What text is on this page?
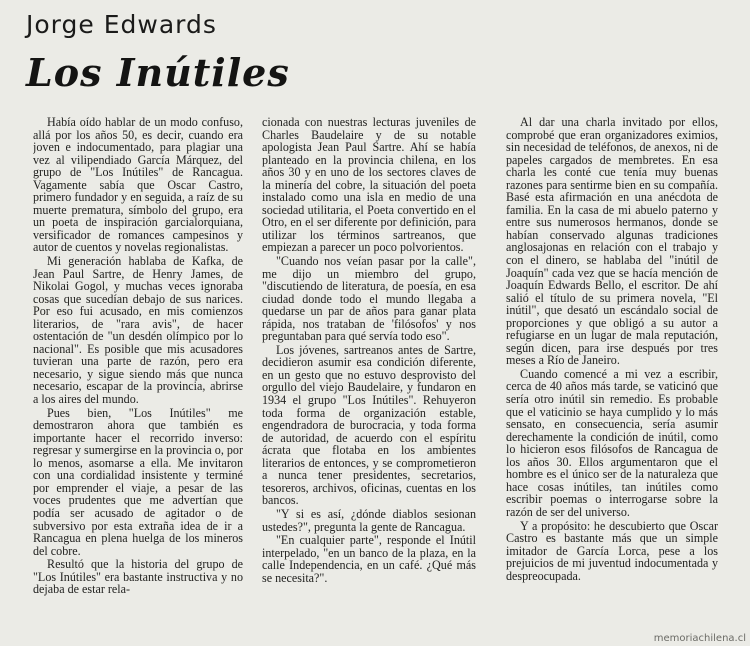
Jorge Edwards
Los Inútiles

Había oído hablar de un modo confuso, allá por los años 50, es decir, cuando era joven e indocumentado, para plagiar una vez al vilipendiado García Márquez, del grupo de "Los Inútiles" de Rancagua. Vagamente sabía que Oscar Castro, primero fundador y en seguida, a raíz de su muerte prematura, símbolo del grupo, era un poeta de inspiración garcialorquiana, versificador de romances campesinos y autor de cuentos y novelas regionalistas.

Mi generación hablaba de Kafka, de Jean Paul Sartre, de Henry James, de Nikolai Gogol, y muchas veces ignoraba cosas que sucedían debajo de sus narices. Por eso fui acusado, en mis comienzos literarios, de "rara avis", de hacer ostentación de "un desdén olímpico por lo nacional". Es posible que mis acusadores tuvieran una parte de razón, pero era necesario, y sigue siendo más que nunca necesario, escapar de la provincia, abrirse a los aires del mundo.

Pues bien, "Los Inútiles" me demostraron ahora que también es importante hacer el recorrido inverso: regresar y sumergirse en la provincia o, por lo menos, asomarse a ella. Me invitaron con una cordialidad insistente y terminé por emprender el viaje, a pesar de las voces prudentes que me advertían que podía ser acusado de agitador o de subversivo por esta extraña idea de ir a Rancagua en plena huelga de los mineros del cobre.

Resultó que la historia del grupo de "Los Inútiles" era bastante instructiva y no dejaba de estar rela-

cionada con nuestras lecturas juveniles de Charles Baudelaire y de su notable apologista Jean Paul Sartre. Ahí se había planteado en la provincia chilena, en los años 30 y en uno de los sectores claves de la minería del cobre, la situación del poeta instalado como una isla en medio de una sociedad utilitaria, el Poeta convertido en el Otro, en el ser diferente por definición, para utilizar los términos sartreanos, que empiezan a parecer un poco polvorientos.

"Cuando nos veían pasar por la calle", me dijo un miembro del grupo, "discutiendo de literatura, de poesía, en esa ciudad donde todo el mundo llegaba a quedarse un par de años para ganar plata rápida, nos trataban de 'filósofos' y nos preguntaban para qué servía todo eso".

Los jóvenes, sartreanos antes de Sartre, decidieron asumir esa condición diferente, en un gesto que no estuvo desprovisto del orgullo del viejo Baudelaire, y fundaron en 1934 el grupo "Los Inútiles". Rehuyeron toda forma de organización estable, engendradora de burocracia, y toda forma de autoridad, de acuerdo con el espíritu ácrata que flotaba en los ambientes literarios de entonces, y se comprometieron a nunca tener presidentes, secretarios, tesoreros, archivos, oficinas, cuentas en los bancos.

"Y si es así, ¿dónde diablos sesionan ustedes?", pregunta la gente de Rancagua.

"En cualquier parte", responde el Inútil interpelado, "en un banco de la plaza, en la calle Independencia, en un café. ¿Qué más se necesita?".

Al dar una charla invitado por ellos, comprobé que eran organizadores eximios, sin necesidad de teléfonos, de anexos, ni de papeles cargados de membretes. En esa charla les conté cue tenía muy buenas razones para sentirme bien en su compañía. Basé esta afirmación en una anécdota de familia. En la casa de mi abuelo paterno y entre sus numerosos hermanos, donde se habían conservado algunas tradiciones anglosajonas en relación con el trabajo y con el dinero, se hablaba del "inútil de Joaquín" cada vez que se hacía mención de Joaquín Edwards Bello, el escritor. De ahí salió el título de su primera novela, "El inútil", que desató un escándalo social de proporciones y que obligó a su autor a refugiarse en un lugar de mala reputación, según dicen, para irse después por tres meses a Río de Janeiro.

Cuando comencé a mi vez a escribir, cerca de 40 años más tarde, se vaticinó que sería otro inútil sin remedio. Es probable que el vaticinio se haya cumplido y lo más sensato, en consecuencia, sería asumir derechamente la condición de inútil, como lo hicieron esos filósofos de Rancagua de los años 30. Ellos argumentaron que el hombre es el único ser de la naturaleza que hace cosas inútiles, tan inútiles como escribir poemas o interrogarse sobre la razón de ser del universo.

Y a propósito: he descubierto que Oscar Castro es bastante más que un simple imitador de García Lorca, pese a los prejuicios de mi juventud indocumentada y despreocupada.

memoriachilena.cl
